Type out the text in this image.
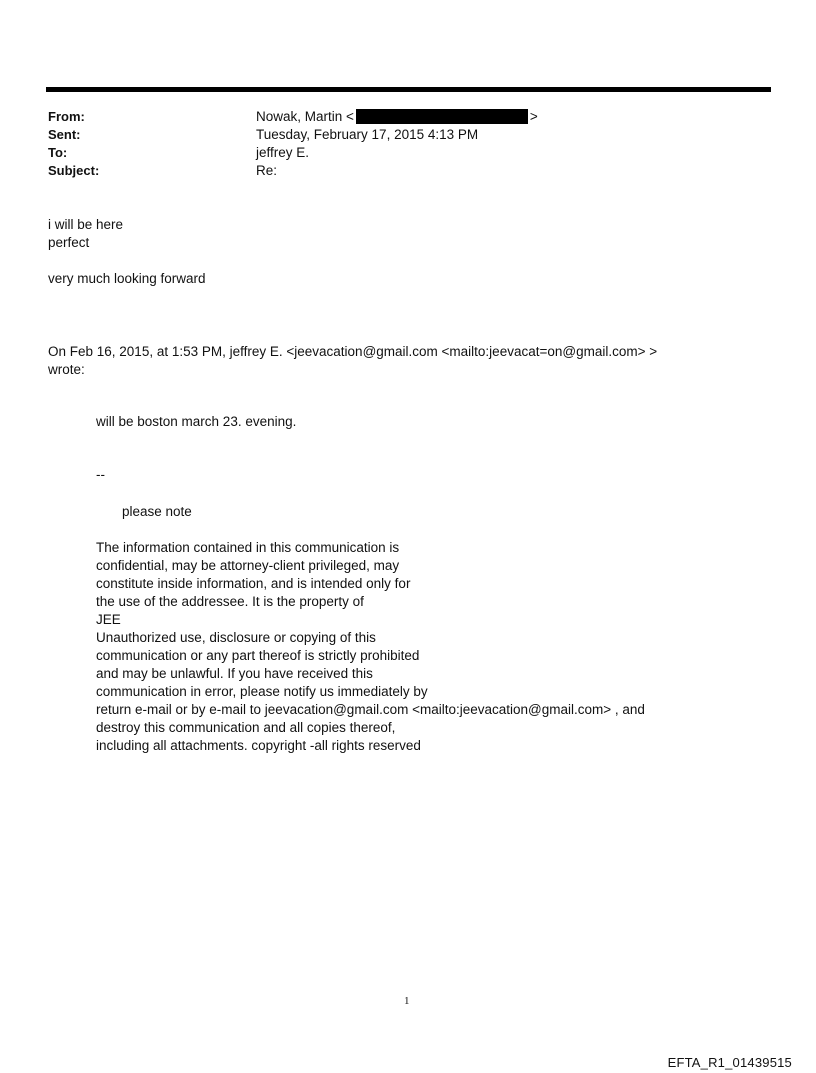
From:	Nowak, Martin <	>
Sent:	Tuesday, February 17, 2015 4:13 PM
To:	jeffrey E.
Subject:	Re:
i will be here
perfect
very much looking forward
On Feb 16, 2015, at 1:53 PM, jeffrey E. <jeevacation@gmail.com <mailto:jeevacat=on@gmail.com> >
wrote:
will be boston march 23. evening.
--
please note
The information contained in this communication is
confidential, may be attorney-client privileged, may
constitute inside information, and is intended only for
the use of the addressee. It is the property of
JEE
Unauthorized use, disclosure or copying of this
communication or any part thereof is strictly prohibited
and may be unlawful. If you have received this
communication in error, please notify us immediately by
return e-mail or by e-mail to jeevacation@gmail.com <mailto:jeevacation@gmail.com> , and
destroy this communication and all copies thereof,
including all attachments. copyright -all rights reserved
1
EFTA_R1_01439515
